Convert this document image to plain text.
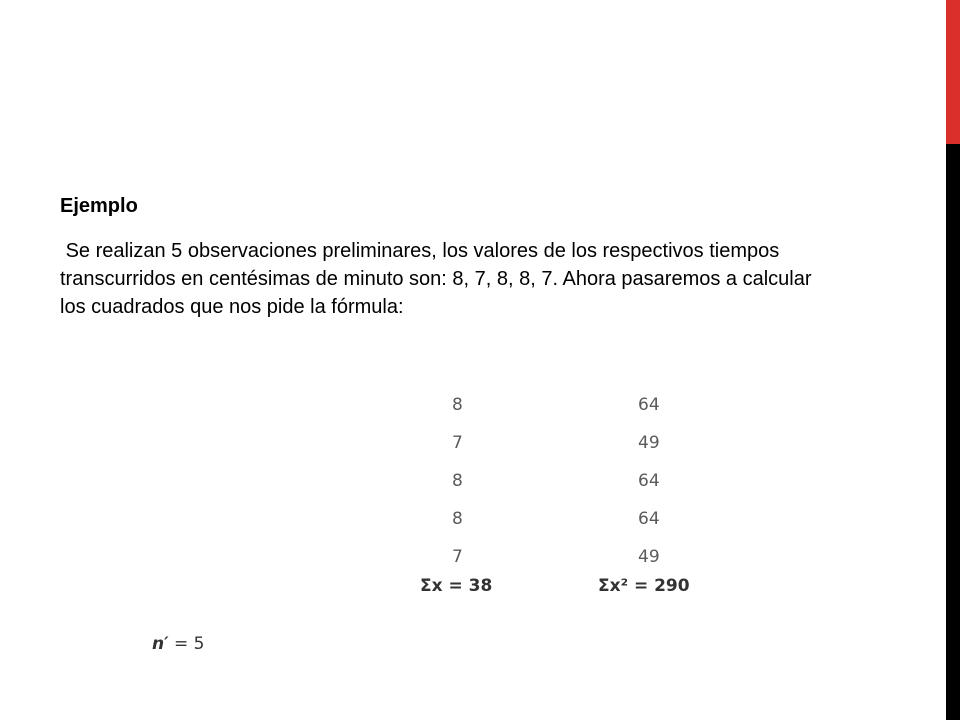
Ejemplo
Se realizan 5 observaciones preliminares, los valores de los respectivos tiempos transcurridos en centésimas de minuto son: 8, 7, 8, 8, 7. Ahora pasaremos a calcular los cuadrados que nos pide la fórmula:
8	64
7	49
8	64
8	64
7	49
Σx = 38	Σx² = 290
n′ = 5
